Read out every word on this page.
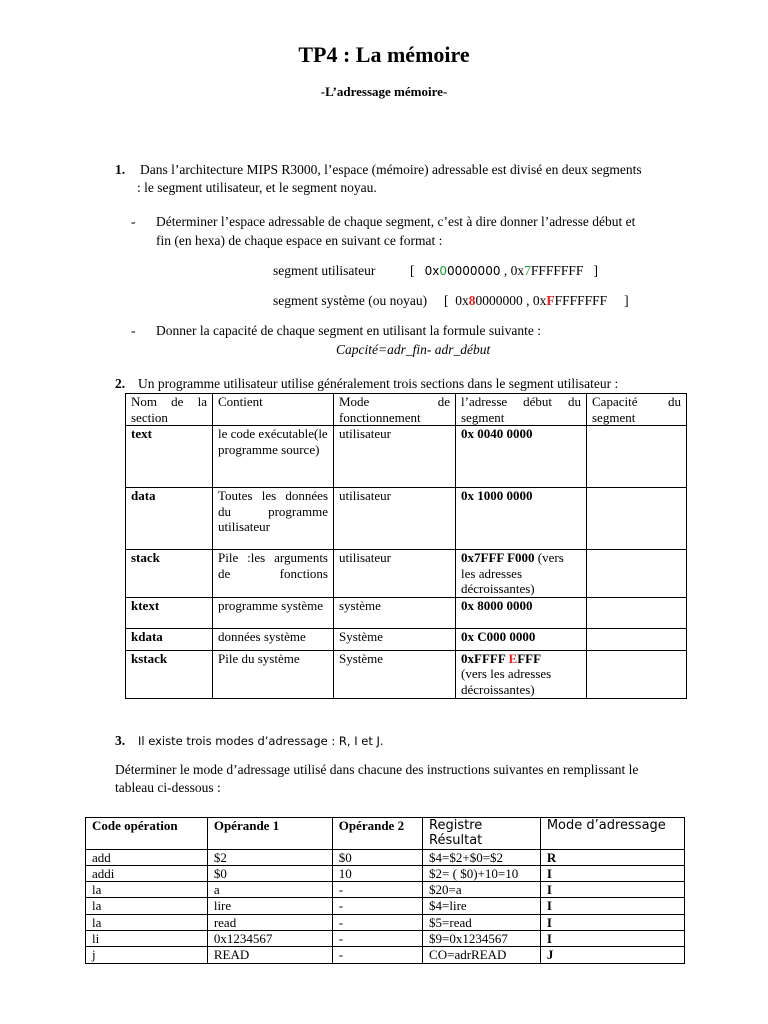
TP4 : La mémoire
-L’adressage mémoire-
1. Dans l’architecture MIPS R3000, l’espace (mémoire) adressable est divisé en deux segments
: le segment utilisateur, et le segment noyau.
- Déterminer l’espace adressable de chaque segment, c’est à dire donner l’adresse début et
fin (en hexa) de chaque espace en suivant ce format :
segment utilisateur	[ 0x00000000 , 0x7FFFFFFF ]
segment système (ou noyau) [ 0x80000000 , 0xFFFFFFFF ]
- Donner la capacité de chaque segment en utilisant la formule suivante :
Capcité=adr_fin- adr_début
2. Un programme utilisateur utilise généralement trois sections dans le segment utilisateur :
Nom de la section	Contient	Mode de fonctionnement	l’adresse début du segment	Capacité du segment
text	le code exécutable(le programme source)	utilisateur	0x 0040 0000	
data	Toutes les données du programme utilisateur	utilisateur	0x 1000 0000	
stack	Pile :les arguments de fonctions	utilisateur	0x7FFF F000 (vers les adresses décroissantes)	
ktext	programme système	système	0x 8000 0000	
kdata	données système	Système	0x C000 0000	
kstack	Pile du système	Système	0xFFFF EFFF
(vers les adresses décroissantes)	
3. Il existe trois modes d’adressage : R, I et J.
Déterminer le mode d’adressage utilisé dans chacune des instructions suivantes en remplissant le
tableau ci-dessous :
Code opération	Opérande 1	Opérande 2	Registre Résultat	Mode d’adressage
add	$2	$0	$4=$2+$0=$2	R
addi	$0	10	$2= ( $0)+10=10	I
la	a	-	$20=a	I
la	lire	-	$4=lire	I
la	read	-	$5=read	I
li	0x1234567	-	$9=0x1234567	I
j	READ	-	CO=adrREAD	J
